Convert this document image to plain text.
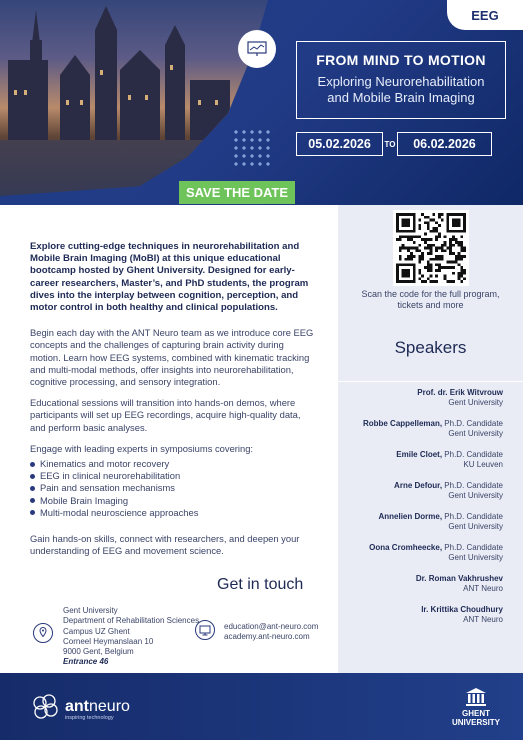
EEG
FROM MIND TO MOTION
Exploring Neurorehabilitation
and Mobile Brain Imaging
05.02.2026	TO	06.02.2026
SAVE THE DATE

Explore cutting-edge techniques in neurorehabilitation and Mobile Brain Imaging (MoBI) at this unique educational bootcamp hosted by Ghent University. Designed for early-career researchers, Master’s, and PhD students, the program dives into the interplay between cognition, perception, and motor control in both healthy and clinical populations.

Begin each day with the ANT Neuro team as we introduce core EEG concepts and the challenges of capturing brain activity during motion. Learn how EEG systems, combined with kinematic tracking and multi-modal methods, offer insights into neurorehabilitation, cognitive processing, and sensory integration.

Educational sessions will transition into hands-on demos, where participants will set up EEG recordings, acquire high-quality data, and perform basic analyses.

Engage with leading experts in symposiums covering:

Kinematics and motor recovery
EEG in clinical neurorehabilitation
Pain and sensation mechanisms
Mobile Brain Imaging
Multi-modal neuroscience approaches

Gain hands-on skills, connect with researchers, and deepen your understanding of EEG and movement science.

Get in touch
Gent University
Department of Rehabilitation Sciences
Campus UZ Ghent
Corneel Heymanslaan 10
9000 Gent, Belgium
Entrance 46
education@ant-neuro.com
academy.ant-neuro.com
Scan the code for the full program, tickets and more
Speakers
Prof. dr. Erik Witvrouw
Gent University
Robbe Cappelleman, Ph.D. Candidate
Gent University
Emile Cloet, Ph.D. Candidate
KU Leuven
Arne Defour, Ph.D. Candidate
Gent University
Annelien Dorme, Ph.D. Candidate
Gent University
Oona Cromheecke, Ph.D. Candidate
Gent University
Dr. Roman Vakhrushev
ANT Neuro
Ir. Krittika Choudhury
ANT Neuro
antneuro
inspiring technology	GHENT
UNIVERSITY
